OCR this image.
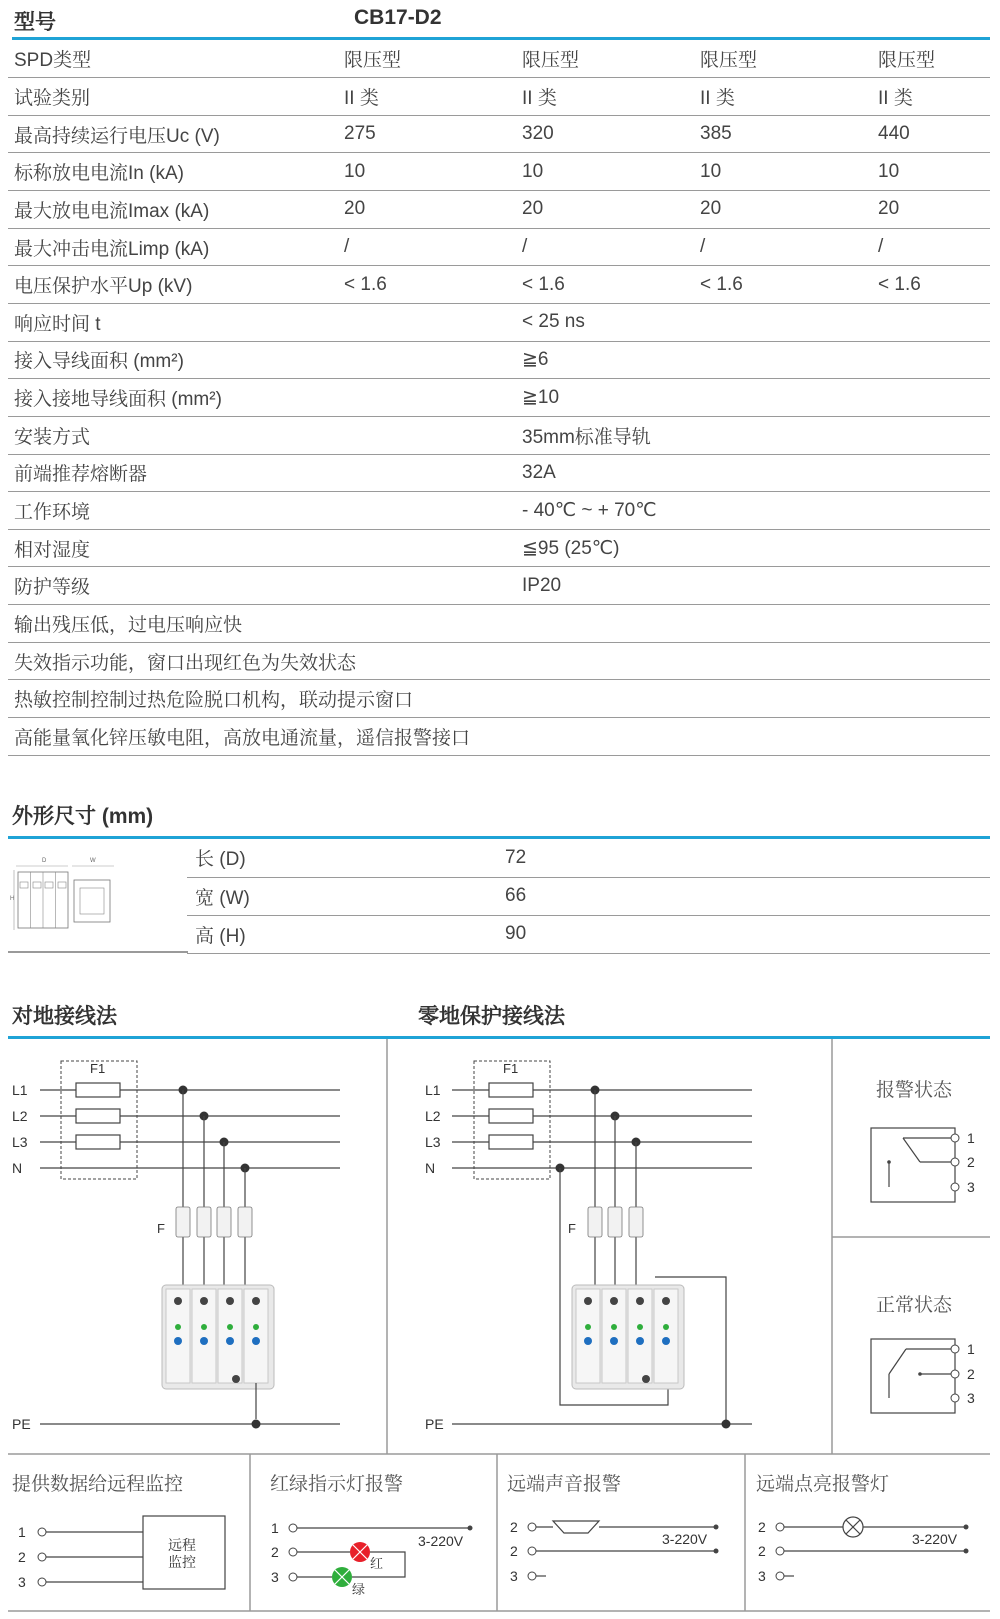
型号	CB17-D2
SPD类型	限压型	限压型	限压型	限压型
试验类别	II 类	II 类	II 类	II 类
最高持续运行电压Uc (V)	275	320	385	440
标称放电电流In (kA)	10	10	10	10
最大放电电流Imax (kA)	20	20	20	20
最大冲击电流Limp (kA)	/	/	/	/
电压保护水平Up (kV)	< 1.6	< 1.6	< 1.6	< 1.6
响应时间 t		< 25 ns		
接入导线面积 (mm²)		≧6		
接入接地导线面积 (mm²)		≧10		
安装方式		35mm标准导轨		
前端推荐熔断器		32A		
工作环境		- 40℃ ~ + 70℃		
相对湿度		≦95 (25℃)		
防护等级		IP20		
输出残压低，过电压响应快				
失效指示功能，窗口出现红色为失效状态				
热敏控制控制过热危险脱口机构，联动提示窗口				
高能量氧化锌压敏电阻，高放电通流量，遥信报警接口				
外形尺寸 (mm)
D	W
H
长 (D)	72
宽 (W)	66
高 (H)	90
对地接线法	零地保护接线法
L1
L2
L3
N
F1
F
PE
L1
L2
L3
N
F1
F
PE
报警状态
1
2
3
正常状态
1
2
3
提供数据给远程监控
1
2
3
远程
监控
红绿指示灯报警
1
2
3
3-220V
红
绿
远端声音报警
2
2
3
3-220V
远端点亮报警灯
2
2
3
3-220V
